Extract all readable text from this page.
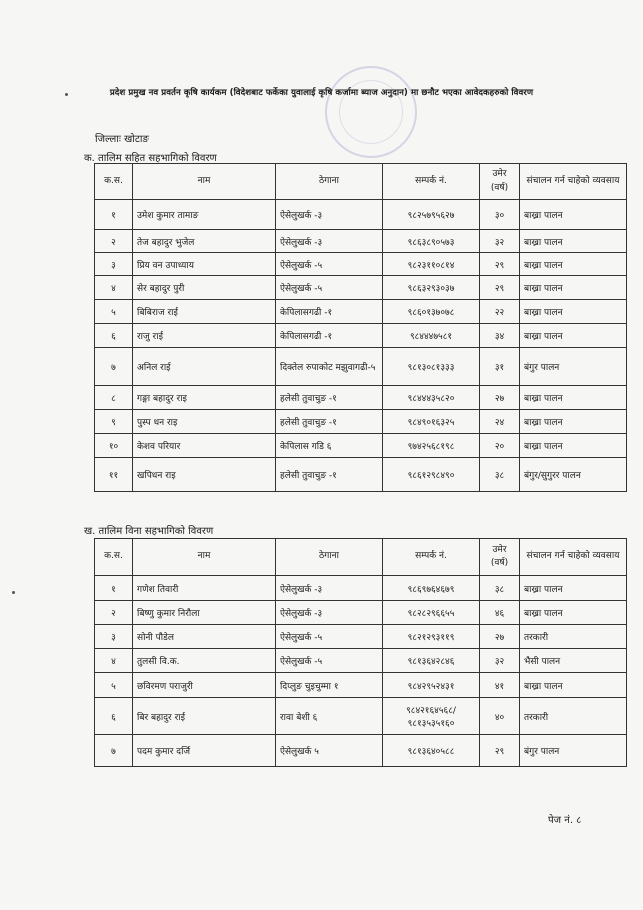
प्रदेश प्रमुख नव प्रवर्तन कृषि कार्यकम (विदेशबाट फर्केका युवालाई कृषि कर्जामा ब्याज अनुदान) मा छनौट भएका आवेदकहरुको विवरण
जिल्लाः खोटाङ
क. तालिम सहित सहभागिको विवरण
क.स.	नाम	ठेगाना	सम्पर्क नं.	उमेर (वर्ष)	संचालन गर्न चाहेको व्यवसाय
१	उमेश कुमार तामाङ	ऐसेलुखर्क -३	९८२५७९५६२७	३०	बाख्रा पालन
२	तेज बहादुर भुजेल	ऐसेलुखर्क -३	९८६३८९०५७३	३२	बाख्रा पालन
३	प्रिय वन उपाध्याय	ऐसेलुखर्क -५	९८२३११०८१४	२९	बाख्रा पालन
४	सेर बहादुर पुरी	ऐसेलुखर्क -५	९८६३२९३०३७	२९	बाख्रा पालन
५	बिबिराज राई	केपिलासगढी -१	९८६०१३७०७८	२२	बाख्रा पालन
६	राजु राई	केपिलासगढी -१	९८४४४७५८१	३४	बाख्रा पालन
७	अनिल राई	दिक्तेल रुपाकोट मझुवागढी-५	९८१३०८१३३३	३१	बंगुर पालन
८	गङ्गा बहादुर राइ	हलेसी तुवाचुङ -१	९८४४४३५८२०	२७	बाख्रा पालन
९	पुस्प धन राइ	हलेसी तुवाचुङ -१	९८४९०१६३२५	२४	बाख्रा पालन
१०	केशव परियार	केपिलास गडि ६	९७४२५६८१९८	२०	बाख्रा पालन
११	खपिधन राइ	हलेसी तुवाचुङ -१	९८६१२९८४९०	३८	बंगुर/सुगुरर पालन
ख. तालिम विना सहभागिको विवरण
क.स.	नाम	ठेगाना	सम्पर्क नं.	उमेर (वर्ष)	संचालन गर्न चाहेको व्यवसाय
१	गणेश तिवारी	ऐसेलुखर्क -३	९८६९७६४६७९	३८	बाख्रा पालन
२	बिष्णु कुमार निरौला	ऐसेलुखर्क -३	९८२८२९६६५५	४६	बाख्रा पालन
३	सोनी पौडेल	ऐसेलुखर्क -५	९८२१२९३११९	२७	तरकारी
४	तुलसी वि.क.	ऐसेलुखर्क -५	९८१३६४२८४६	३२	भैसी पालन
५	छविरमण पराजुरी	दिप्लुङ चुइचुम्मा १	९८४२९५२४३१	४१	बाख्रा पालन
६	बिर बहादुर राई	रावा बेशी ६	९८४२१६४५६८/ ९८१३५३५१६०	४०	तरकारी
७	पदम कुमार दर्जि	ऐसेलुखर्क ५	९८१३६४०५८८	२९	बंगुर पालन
पेज नं. ८
